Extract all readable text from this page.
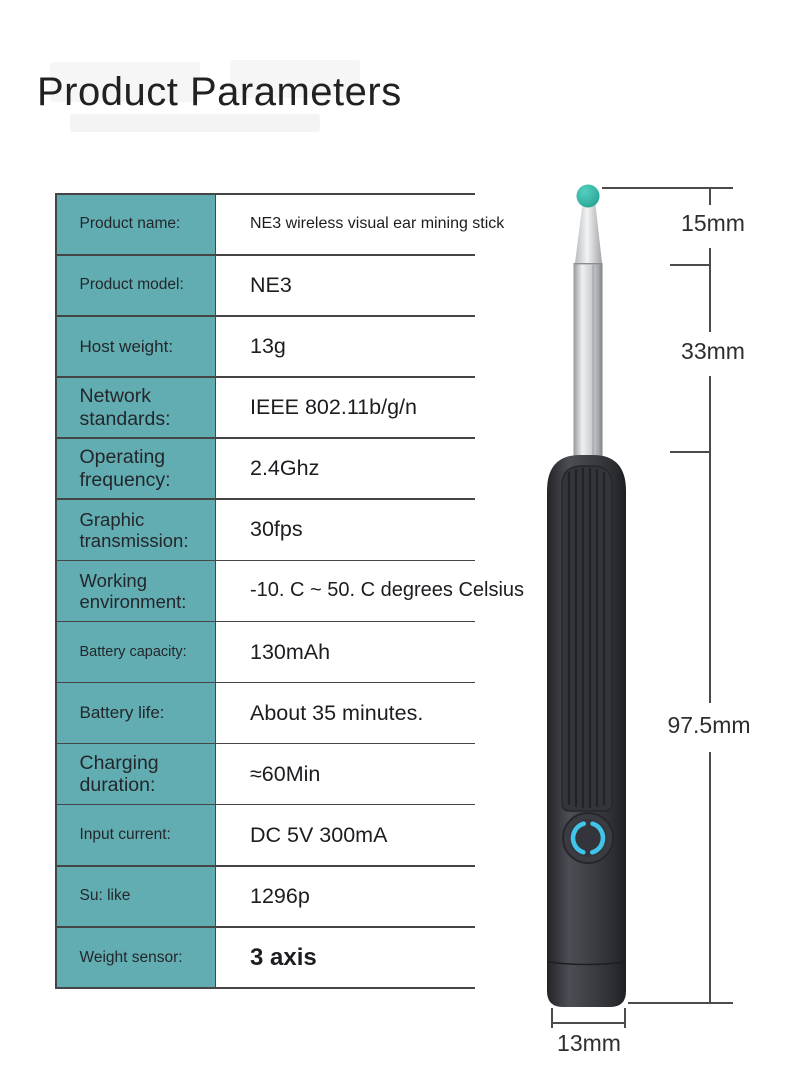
Product Parameters
Product name:	NE3 wireless visual ear mining stick
Product model:	NE3
Host weight:	13g
Network standards:	IEEE 802.11b/g/n
Operating frequency:	2.4Ghz
Graphic transmission:	30fps
Working environment:	-10. C ~ 50. C degrees Celsius
Battery capacity:	130mAh
Battery life:	About 35 minutes.
Charging duration:	≈60Min
Input current:	DC 5V 300mA
Su: like	1296p
Weight sensor:	3 axis
15mm
33mm
97.5mm
13mm
